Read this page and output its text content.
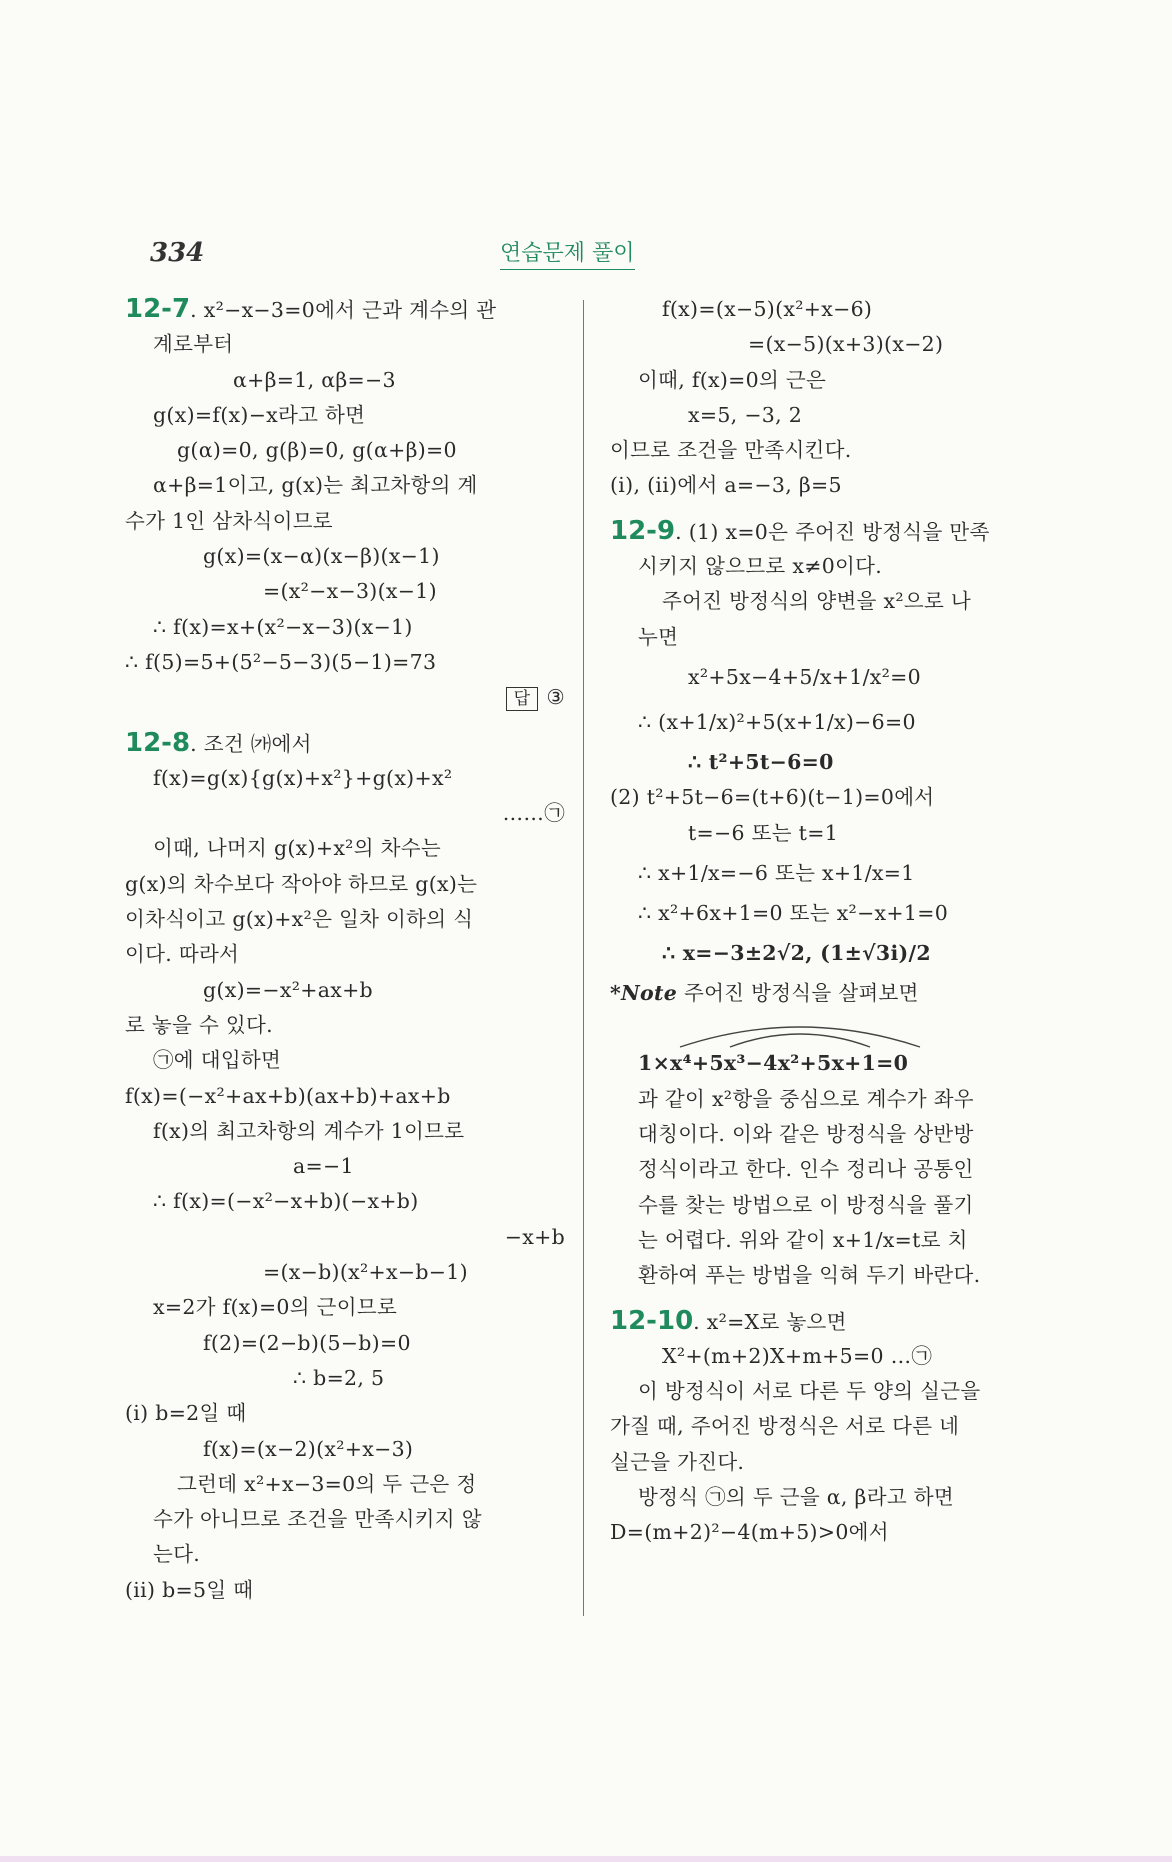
334	연습문제 풀이
12-7. x²−x−3=0에서 근과 계수의 관
계로부터
α+β=1, αβ=−3
g(x)=f(x)−x라고 하면
g(α)=0, g(β)=0, g(α+β)=0
α+β=1이고, g(x)는 최고차항의 계
수가 1인 삼차식이므로
g(x)=(x−α)(x−β)(x−1)
=(x²−x−3)(x−1)
∴ f(x)=x+(x²−x−3)(x−1)
∴ f(5)=5+(5²−5−3)(5−1)=73
답 ③
12-8. 조건 ㈎에서
f(x)=g(x){g(x)+x²}+g(x)+x²
……㉠
이때, 나머지 g(x)+x²의 차수는
g(x)의 차수보다 작아야 하므로 g(x)는
이차식이고 g(x)+x²은 일차 이하의 식
이다. 따라서
g(x)=−x²+ax+b
로 놓을 수 있다.
㉠에 대입하면
f(x)=(−x²+ax+b)(ax+b)+ax+b
f(x)의 최고차항의 계수가 1이므로
a=−1
∴ f(x)=(−x²−x+b)(−x+b)
−x+b
=(x−b)(x²+x−b−1)
x=2가 f(x)=0의 근이므로
f(2)=(2−b)(5−b)=0
∴ b=2, 5
(i) b=2일 때
f(x)=(x−2)(x²+x−3)
그런데 x²+x−3=0의 두 근은 정
수가 아니므로 조건을 만족시키지 않
는다.
(ii) b=5일 때
f(x)=(x−5)(x²+x−6)
=(x−5)(x+3)(x−2)
이때, f(x)=0의 근은
x=5, −3, 2
이므로 조건을 만족시킨다.
(i), (ii)에서 a=−3, β=5
12-9. (1) x=0은 주어진 방정식을 만족
시키지 않으므로 x≠0이다.
주어진 방정식의 양변을 x²으로 나
누면
x²+5x−4+5/x+1/x²=0
∴ (x+1/x)²+5(x+1/x)−6=0
∴ t²+5t−6=0
(2) t²+5t−6=(t+6)(t−1)=0에서
t=−6 또는 t=1
∴ x+1/x=−6 또는 x+1/x=1
∴ x²+6x+1=0 또는 x²−x+1=0
∴ x=−3±2√2, (1±√3i)/2
*Note 주어진 방정식을 살펴보면
1×x⁴+5x³−4x²+5x+1=0
과 같이 x²항을 중심으로 계수가 좌우
대칭이다. 이와 같은 방정식을 상반방
정식이라고 한다. 인수 정리나 공통인
수를 찾는 방법으로 이 방정식을 풀기
는 어렵다. 위와 같이 x+1/x=t로 치
환하여 푸는 방법을 익혀 두기 바란다.
12-10. x²=X로 놓으면
X²+(m+2)X+m+5=0 …㉠
이 방정식이 서로 다른 두 양의 실근을
가질 때, 주어진 방정식은 서로 다른 네
실근을 가진다.
방정식 ㉠의 두 근을 α, β라고 하면
D=(m+2)²−4(m+5)>0에서
